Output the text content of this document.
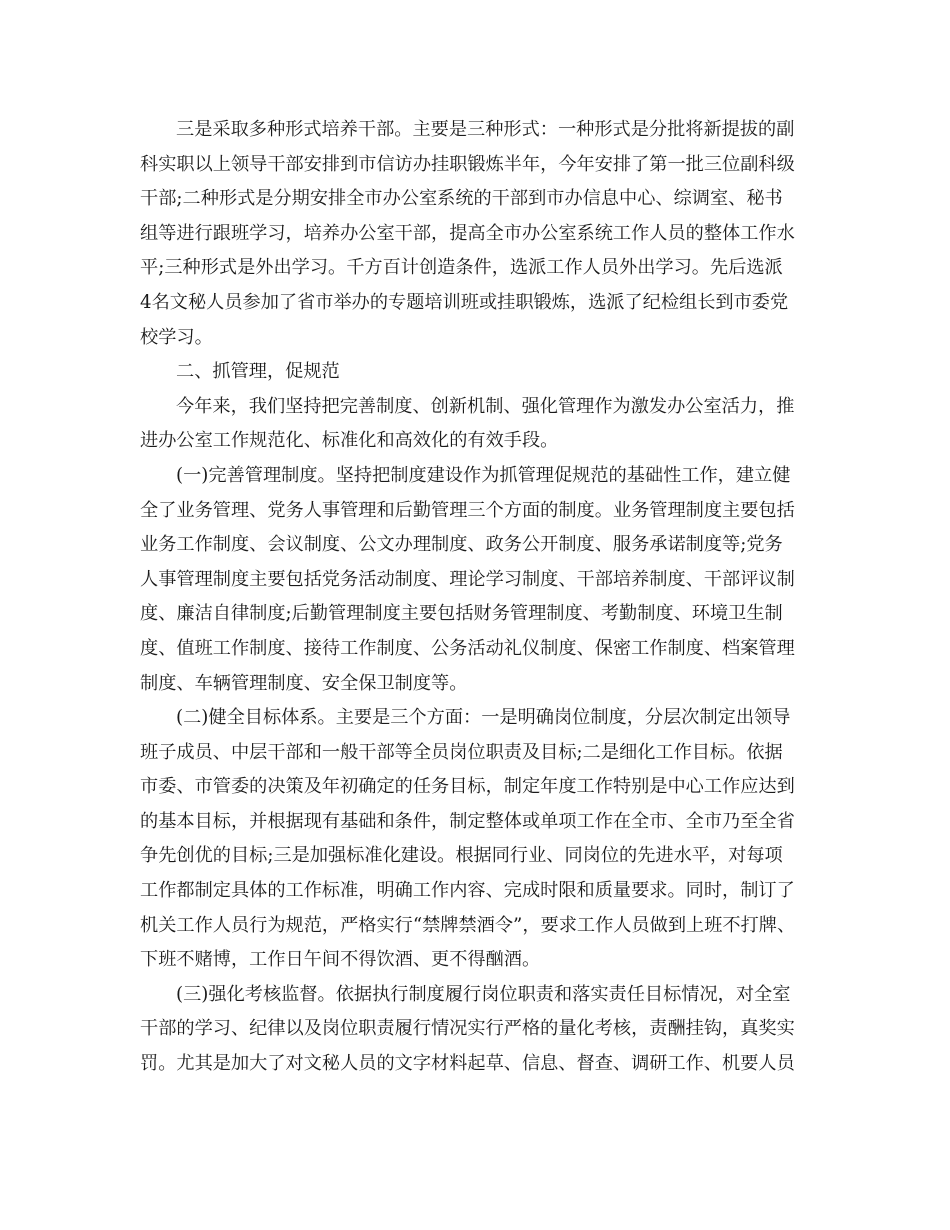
三是采取多种形式培养干部。主要是三种形式：一种形式是分批将新提拔的副
科实职以上领导干部安排到市信访办挂职锻炼半年，今年安排了第一批三位副科级
干部;二种形式是分期安排全市办公室系统的干部到市办信息中心、综调室、秘书
组等进行跟班学习，培养办公室干部，提高全市办公室系统工作人员的整体工作水
平;三种形式是外出学习。千方百计创造条件，选派工作人员外出学习。先后选派
4名文秘人员参加了省市举办的专题培训班或挂职锻炼，选派了纪检组长到市委党
校学习。

二、抓管理，促规范

今年来，我们坚持把完善制度、创新机制、强化管理作为激发办公室活力，推
进办公室工作规范化、标准化和高效化的有效手段。

(一)完善管理制度。坚持把制度建设作为抓管理促规范的基础性工作，建立健
全了业务管理、党务人事管理和后勤管理三个方面的制度。业务管理制度主要包括
业务工作制度、会议制度、公文办理制度、政务公开制度、服务承诺制度等;党务
人事管理制度主要包括党务活动制度、理论学习制度、干部培养制度、干部评议制
度、廉洁自律制度;后勤管理制度主要包括财务管理制度、考勤制度、环境卫生制
度、值班工作制度、接待工作制度、公务活动礼仪制度、保密工作制度、档案管理
制度、车辆管理制度、安全保卫制度等。

(二)健全目标体系。主要是三个方面：一是明确岗位制度，分层次制定出领导
班子成员、中层干部和一般干部等全员岗位职责及目标;二是细化工作目标。依据
市委、市管委的决策及年初确定的任务目标，制定年度工作特别是中心工作应达到
的基本目标，并根据现有基础和条件，制定整体或单项工作在全市、全市乃至全省
争先创优的目标;三是加强标准化建设。根据同行业、同岗位的先进水平，对每项
工作都制定具体的工作标准，明确工作内容、完成时限和质量要求。同时，制订了
机关工作人员行为规范，严格实行“禁牌禁酒令”，要求工作人员做到上班不打牌、
下班不赌博，工作日午间不得饮酒、更不得酗酒。

(三)强化考核监督。依据执行制度履行岗位职责和落实责任目标情况，对全室
干部的学习、纪律以及岗位职责履行情况实行严格的量化考核，责酬挂钩，真奖实
罚。尤其是加大了对文秘人员的文字材料起草、信息、督查、调研工作、机要人员
